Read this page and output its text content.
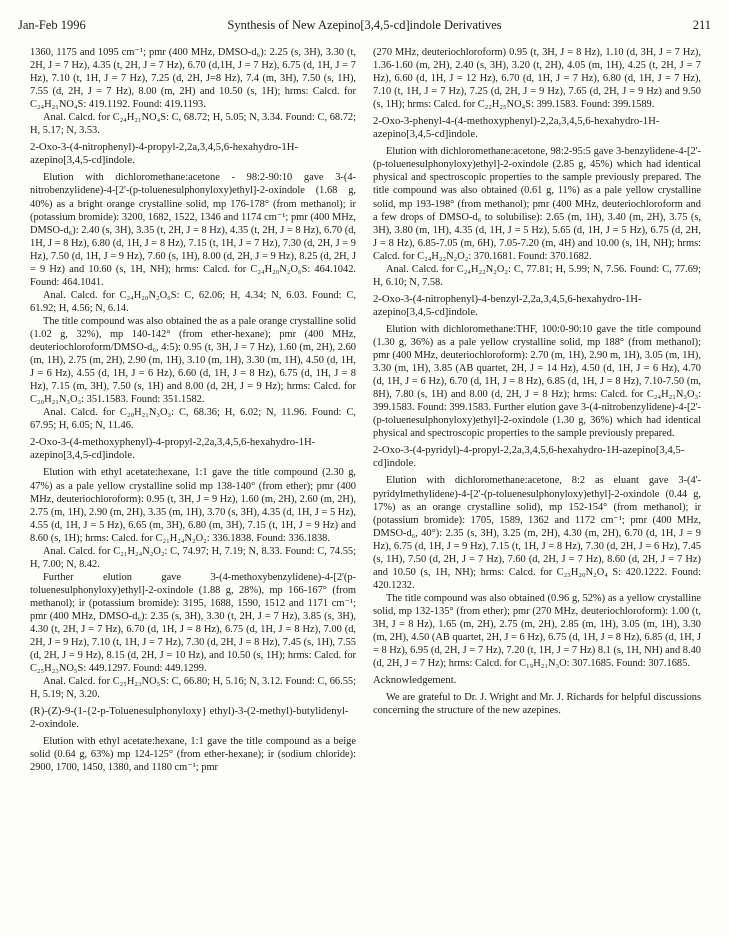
Jan-Feb 1996	Synthesis of New Azepino[3,4,5-cd]indole Derivatives	211

1360, 1175 and 1095 cm⁻¹; pmr (400 MHz, DMSO-d₆): 2.25 (s, 3H), 3.30 (t, 2H, J = 7 Hz), 4.35 (t, 2H, J = 7 Hz), 6.70 (d,1H, J = 7 Hz), 6.75 (d, 1H, J = 7 Hz), 7.10 (t, 1H, J = 7 Hz), 7.25 (d, 2H, J=8 Hz), 7.4 (m, 3H), 7.50 (s, 1H), 7.55 (d, 2H, J = 7 Hz), 8.00 (m, 2H) and 10.50 (s, 1H); hrms: Calcd. for C₂₄H₂₁NO₄S: 419.1192. Found: 419.1193.

Anal. Calcd. for C₂₄H₂₁NO₄S: C, 68.72; H, 5.05; N, 3.34. Found: C, 68.72; H, 5.17; N, 3.53.

2-Oxo-3-(4-nitrophenyl)-4-propyl-2,2a,3,4,5,6-hexahydro-1H-azepino[3,4,5-cd]indole.

Elution with dichloromethane:acetone - 98:2-90:10 gave 3-(4-nitrobenzylidene)-4-[2'-(p-toluenesulphonyloxy)ethyl]-2-oxindole (1.68 g, 40%) as a bright orange crystalline solid, mp 176-178° (from methanol); ir (potassium bromide): 3200, 1682, 1522, 1346 and 1174 cm⁻¹; pmr (400 MHz, DMSO-d₆): 2.40 (s, 3H), 3.35 (t, 2H, J = 8 Hz), 4.35 (t, 2H, J = 8 Hz), 6.70 (d, 1H, J = 8 Hz), 6.80 (d, 1H, J = 8 Hz), 7.15 (t, 1H, J = 7 Hz), 7.30 (d, 2H, J = 9 Hz), 7.50 (d, 1H, J = 9 Hz), 7.60 (s, 1H), 8.00 (d, 2H, J = 9 Hz), 8.25 (d, 2H, J = 9 Hz) and 10.60 (s, 1H, NH); hrms: Calcd. for C₂₄H₂₀N₂O₆S: 464.1042. Found: 464.1041.

Anal. Calcd. for C₂₄H₂₀N₂O₆S: C, 62.06; H, 4.34; N, 6.03. Found: C, 61.92; H, 4.56; N, 6.14.

The title compound was also obtained the as a pale orange crystalline solid (1.02 g, 32%), mp 140-142° (from ether-hexane); pmr (400 MHz, deuteriochloroform/DMSO-d₆, 4:5): 0.95 (t, 3H, J = 7 Hz), 1.60 (m, 2H), 2.60 (m, 1H), 2.75 (m, 2H), 2.90 (m, 1H), 3.10 (m, 1H), 3.30 (m, 1H), 4.50 (d, 1H, J = 6 Hz), 4.55 (d, 1H, J = 6 Hz), 6.60 (d, 1H, J = 8 Hz), 6.75 (d, 1H, J = 8 Hz), 7.15 (m, 3H), 7.50 (s, 1H) and 8.00 (d, 2H, J = 9 Hz); hrms: Calcd. for C₂₀H₂₁N₃O₃: 351.1583. Found: 351.1582.

Anal. Calcd. for C₂₀H₂₁N₃O₃: C, 68.36; H, 6.02; N, 11.96. Found: C, 67.95; H, 6.05; N, 11.46.

2-Oxo-3-(4-methoxyphenyl)-4-propyl-2,2a,3,4,5,6-hexahydro-1H-azepino[3,4,5-cd]indole.

Elution with ethyl acetate:hexane, 1:1 gave the title compound (2.30 g, 47%) as a pale yellow crystalline solid mp 138-140° (from ether); pmr (400 MHz, deuteriochloroform): 0.95 (t, 3H, J = 9 Hz), 1.60 (m, 2H), 2.60 (m, 2H), 2.75 (m, 1H), 2.90 (m, 2H), 3.35 (m, 1H), 3.70 (s, 3H), 4.35 (d, 1H, J = 5 Hz), 4.55 (d, 1H, J = 5 Hz), 6.65 (m, 3H), 6.80 (m, 3H), 7.15 (t, 1H, J = 9 Hz) and 8.60 (s, 1H); hrms: Calcd. for C₂₁H₂₄N₂O₂: 336.1838. Found: 336.1838.

Anal. Calcd. for C₂₁H₂₄N₂O₂: C, 74.97; H, 7.19; N, 8.33. Found: C, 74.55; H, 7.00; N, 8.42.

Further elution gave 3-(4-methoxybenzylidene)-4-[2'(p-toluenesulphonyloxy)ethyl]-2-oxindole (1.88 g, 28%), mp 166-167° (from methanol); ir (potassium bromide): 3195, 1688, 1590, 1512 and 1171 cm⁻¹; pmr (400 MHz, DMSO-d₆): 2.35 (s, 3H), 3.30 (t, 2H, J = 7 Hz), 3.85 (s, 3H), 4.30 (t, 2H, J = 7 Hz), 6.70 (d, 1H, J = 8 Hz), 6.75 (d, 1H, J = 8 Hz), 7.00 (d, 2H, J = 9 Hz), 7.10 (t, 1H, J = 7 Hz), 7.30 (d, 2H, J = 8 Hz), 7.45 (s, 1H), 7.55 (d, 2H, J = 9 Hz), 8.15 (d, 2H, J = 10 Hz), and 10.50 (s, 1H); hrms: Calcd. for C₂₅H₂₃NO₅S: 449.1297. Found: 449.1299.

Anal. Calcd. for C₂₅H₂₃NO₅S: C, 66.80; H, 5.16; N, 3.12. Found: C, 66.55; H, 5.19; N, 3.20.

(R)-(Z)-9-(1-{2-p-Toluenesulphonyloxy} ethyl)-3-(2-methyl)-butylidenyl-2-oxindole.

Elution with ethyl acetate:hexane, 1:1 gave the title compound as a beige solid (0.64 g, 63%) mp 124-125° (from ether-hexane); ir (sodium chloride): 2900, 1700, 1450, 1380, and 1180 cm⁻¹; pmr

(270 MHz, deuteriochloroform) 0.95 (t, 3H, J = 8 Hz), 1.10 (d, 3H, J = 7 Hz), 1.36-1.60 (m, 2H), 2.40 (s, 3H), 3.20 (t, 2H), 4.05 (m, 1H), 4.25 (t, 2H, J = 7 Hz), 6.60 (d, 1H, J = 12 Hz), 6.70 (d, 1H, J = 7 Hz), 6.80 (d, 1H, J = 7 Hz), 7.10 (t, 1H, J = 7 Hz), 7.25 (d, 2H, J = 9 Hz), 7.65 (d, 2H, J = 9 Hz) and 9.50 (s, 1H); hrms: Calcd. for C₂₂H₂₅NO₄S: 399.1583. Found: 399.1589.

2-Oxo-3-phenyl-4-(4-methoxyphenyl)-2,2a,3,4,5,6-hexahydro-1H-azepino[3,4,5-cd]indole.

Elution with dichloromethane:acetone, 98:2-95:5 gave 3-benzylidene-4-[2'-(p-toluenesulphonyloxy)ethyl]-2-oxindole (2.85 g, 45%) which had identical physical and spectroscopic properties to the sample previously prepared. The title compound was also obtained (0.61 g, 11%) as a pale yellow crystalline solid, mp 193-198° (from methanol); pmr (400 MHz, deuteriochloroform and a few drops of DMSO-d₆ to solubilise): 2.65 (m, 1H), 3.40 (m, 2H), 3.75 (s, 3H), 3.80 (m, 1H), 4.35 (d, 1H, J = 5 Hz), 5.65 (d, 1H, J = 5 Hz), 6.75 (d, 2H, J = 8 Hz), 6.85-7.05 (m, 6H), 7.05-7.20 (m, 4H) and 10.00 (s, 1H, NH); hrms: Calcd. for C₂₄H₂₂N₂O₂: 370.1681. Found: 370.1682.

Anal. Calcd. for C₂₄H₂₂N₂O₂: C, 77.81; H, 5.99; N, 7.56. Found: C, 77.69; H, 6.10; N, 7.58.

2-Oxo-3-(4-nitrophenyl)-4-benzyl-2,2a,3,4,5,6-hexahydro-1H-azepino[3,4,5-cd]indole.

Elution with dichloromethane:THF, 100:0-90:10 gave the title compound (1.30 g, 36%) as a pale yellow crystalline solid, mp 188° (from methanol); pmr (400 MHz, deuteriochloroform): 2.70 (m, 1H), 2.90 m, 1H), 3.05 (m, 1H), 3.30 (m, 1H), 3.85 (AB quartet, 2H, J = 14 Hz), 4.50 (d, 1H, J = 6 Hz), 4.70 (d, 1H, J = 6 Hz), 6.70 (d, 1H, J = 8 Hz), 6.85 (d, 1H, J = 8 Hz), 7.10-7.50 (m, 8H), 7.80 (s, 1H) and 8.00 (d, 2H, J = 8 Hz); hrms: Calcd. for C₂₄H₂₁N₃O₃: 399.1583. Found: 399.1583. Further elution gave 3-(4-nitrobenzylidene)-4-[2'-(p-toluenesulphonyloxy)ethyl]-2-oxindole (1.30 g, 36%) which had identical physical and spectroscopic properties to the sample previously prepared.

2-Oxo-3-(4-pyridyl)-4-propyl-2,2a,3,4,5,6-hexahydro-1H-azepino[3,4,5-cd]indole.

Elution with dichloromethane:acetone, 8:2 as eluant gave 3-(4'-pyridylmethylidene)-4-[2'-(p-toluenesulphonyloxy)ethyl]-2-oxindole (0.44 g, 17%) as an orange crystalline solid), mp 152-154° (from methanol); ir (potassium bromide): 1705, 1589, 1362 and 1172 cm⁻¹; pmr (400 MHz, DMSO-d₆, 40°): 2.35 (s, 3H), 3.25 (m, 2H), 4.30 (m, 2H), 6.70 (d, 1H, J = 9 Hz), 6.75 (d, 1H, J = 9 Hz), 7.15 (t, 1H, J = 8 Hz), 7.30 (d, 2H, J = 6 Hz), 7.45 (s, 1H), 7.50 (d, 2H, J = 7 Hz), 7.60 (d, 2H, J = 7 Hz), 8.60 (d, 2H, J = 7 Hz) and 10.50 (s, 1H, NH); hrms: Calcd. for C₂₃H₂₀N₂O₄ S: 420.1222. Found: 420.1232.

The title compound was also obtained (0.96 g, 52%) as a yellow crystalline solid, mp 132-135° (from ether); pmr (270 MHz, deuteriochloroform): 1.00 (t, 3H, J = 8 Hz), 1.65 (m, 2H), 2.75 (m, 2H), 2.85 (m, 1H), 3.05 (m, 1H), 3.30 (m, 2H), 4.50 (AB quartet, 2H, J = 6 Hz), 6.75 (d, 1H, J = 8 Hz), 6.85 (d, 1H, J = 8 Hz), 6.95 (d, 2H, J = 7 Hz), 7.20 (t, 1H, J = 7 Hz) 8.1 (s, 1H, NH) and 8.40 (d, 2H, J = 7 Hz); hrms: Calcd. for C₁₉H₂₁N₃O: 307.1685. Found: 307.1685.

Acknowledgement.

We are grateful to Dr. J. Wright and Mr. J. Richards for helpful discussions concerning the structure of the new azepines.
